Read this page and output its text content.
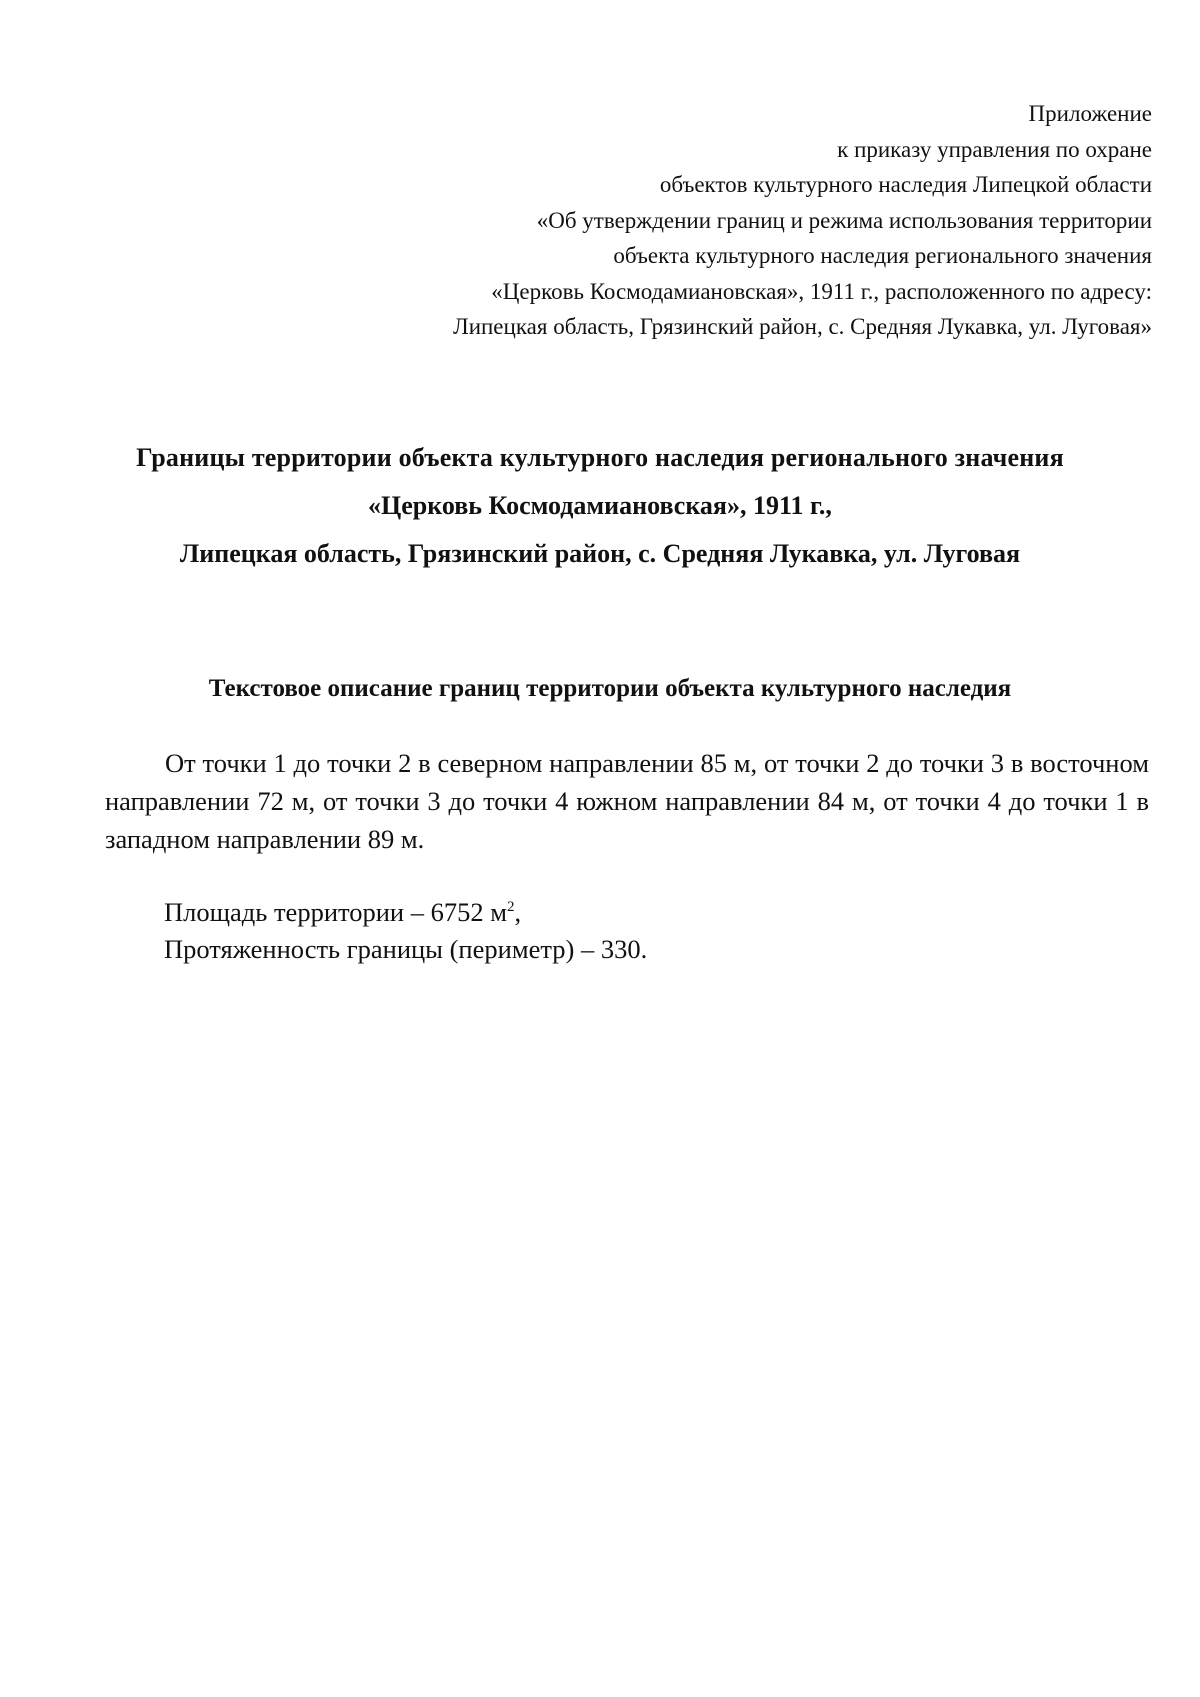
Приложение
к приказу управления по охране
объектов культурного наследия Липецкой области
«Об утверждении границ и режима использования территории
объекта культурного наследия регионального значения
«Церковь Космодамиановская», 1911 г., расположенного по адресу:
Липецкая область, Грязинский район, с. Средняя Лукавка, ул. Луговая»
Границы территории объекта культурного наследия регионального значения
«Церковь Космодамиановская», 1911 г.,
Липецкая область, Грязинский район, с. Средняя Лукавка, ул. Луговая
Текстовое описание границ территории объекта культурного наследия
От точки 1 до точки 2 в северном направлении 85 м, от точки 2 до точки 3 в восточном направлении 72 м, от точки 3 до точки 4 южном направлении 84 м, от точки 4 до точки 1 в западном направлении 89 м.
Площадь территории – 6752 $м^2$,
Протяженность границы (периметр) – 330.
